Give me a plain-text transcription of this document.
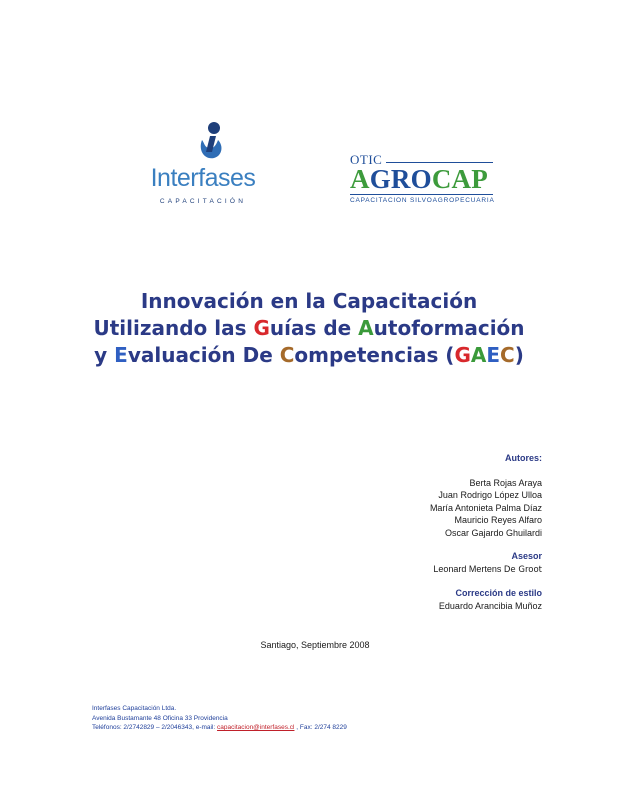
Interfases
CAPACITACIÓN
OTIC
AGROCAP
CAPACITACION SILVOAGROPECUARIA
Innovación en la Capacitación
Utilizando las Guías de Autoformación
y Evaluación De Competencias (GAEC)
Autores:
Berta Rojas Araya
Juan Rodrigo López Ulloa
María Antonieta Palma Díaz
Mauricio Reyes Alfaro
Oscar Gajardo Ghuilardi
Asesor
Leonard Mertens De Groot
Corrección de estilo
Eduardo Arancibia Muñoz
Santiago, Septiembre 2008
Interfases Capacitación Ltda.
Avenida Bustamante 48 Oficina 33 Providencia
Teléfonos: 2/2742829 – 2/2046343, e-mail: capacitacion@interfases.cl , Fax: 2/274 8229
